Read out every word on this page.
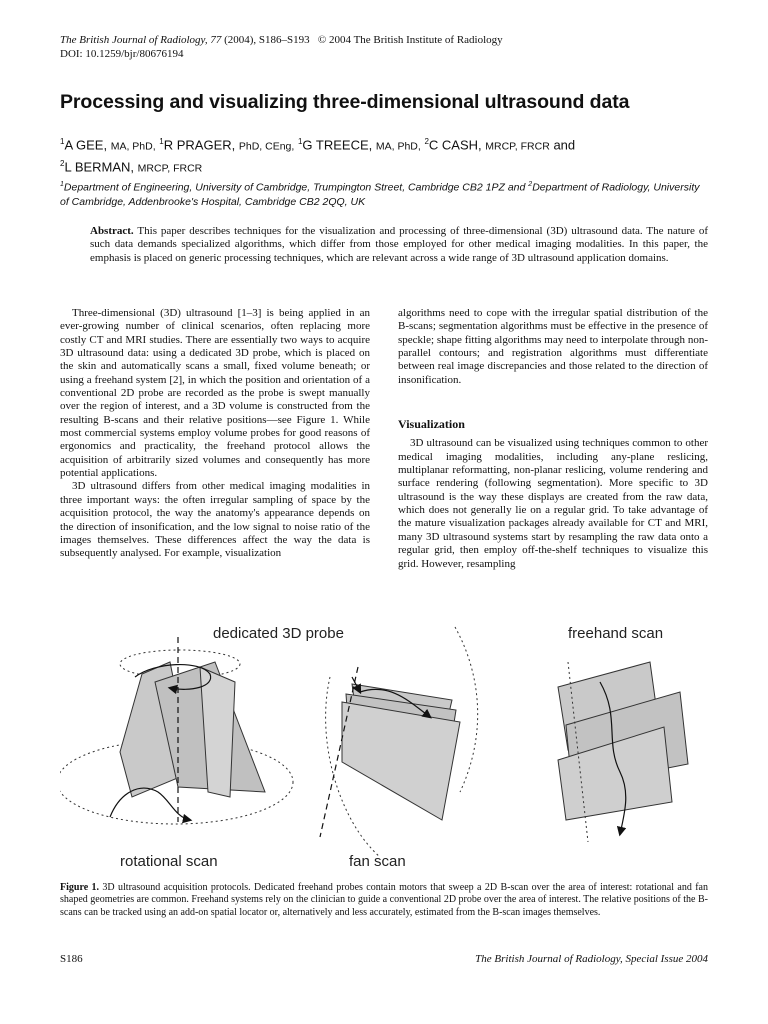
The British Journal of Radiology, 77 (2004), S186–S193 © 2004 The British Institute of Radiology
DOI: 10.1259/bjr/80676194
Processing and visualizing three-dimensional ultrasound data
$^1$A GEE, MA, PhD, $^1$R PRAGER, PhD, CEng, $^1$G TREECE, MA, PhD, $^2$C CASH, MRCP, FRCR and
$^2$L BERMAN, MRCP, FRCR
$^1$Department of Engineering, University of Cambridge, Trumpington Street, Cambridge CB2 1PZ and $^2$Department of Radiology, University of Cambridge, Addenbrooke's Hospital, Cambridge CB2 2QQ, UK
Abstract. This paper describes techniques for the visualization and processing of three-dimensional (3D) ultrasound data. The nature of such data demands specialized algorithms, which differ from those employed for other medical imaging modalities. In this paper, the emphasis is placed on generic processing techniques, which are relevant across a wide range of 3D ultrasound application domains.

Three-dimensional (3D) ultrasound [1–3] is being applied in an ever-growing number of clinical scenarios, often replacing more costly CT and MRI studies. There are essentially two ways to acquire 3D ultrasound data: using a dedicated 3D probe, which is placed on the skin and automatically scans a small, fixed volume beneath; or using a freehand system [2], in which the position and orientation of a conventional 2D probe are recorded as the probe is swept manually over the region of interest, and a 3D volume is constructed from the resulting B-scans and their relative positions—see Figure 1. While most commercial systems employ volume probes for good reasons of ergonomics and practicality, the freehand protocol allows the acquisition of arbitrarily sized volumes and consequently has more potential applications.

3D ultrasound differs from other medical imaging modalities in three important ways: the often irregular sampling of space by the acquisition protocol, the way the anatomy's appearance depends on the direction of insonification, and the low signal to noise ratio of the images themselves. These differences affect the way the data is subsequently analysed. For example, visualization

algorithms need to cope with the irregular spatial distribution of the B-scans; segmentation algorithms must be effective in the presence of speckle; shape fitting algorithms may need to interpolate through non-parallel contours; and registration algorithms must differentiate between real image discrepancies and those related to the direction of insonification.

Visualization

3D ultrasound can be visualized using techniques common to other medical imaging modalities, including any-plane reslicing, multiplanar reformatting, non-planar reslicing, volume rendering and surface rendering (following segmentation). More specific to 3D ultrasound is the way these displays are created from the raw data, which does not generally lie on a regular grid. To take advantage of the mature visualization packages already available for CT and MRI, many 3D ultrasound systems start by resampling the raw data onto a regular grid, then employ off-the-shelf techniques to visualize this grid. However, resampling

dedicated 3D probe	freehand scan
rotational scan	fan scan
Figure 1. 3D ultrasound acquisition protocols. Dedicated freehand probes contain motors that sweep a 2D B-scan over the area of interest: rotational and fan shaped geometries are common. Freehand systems rely on the clinician to guide a conventional 2D probe over the area of interest. The relative positions of the B-scans can be tracked using an add-on spatial locator or, alternatively and less accurately, estimated from the B-scan images themselves.
S186	The British Journal of Radiology, Special Issue 2004
